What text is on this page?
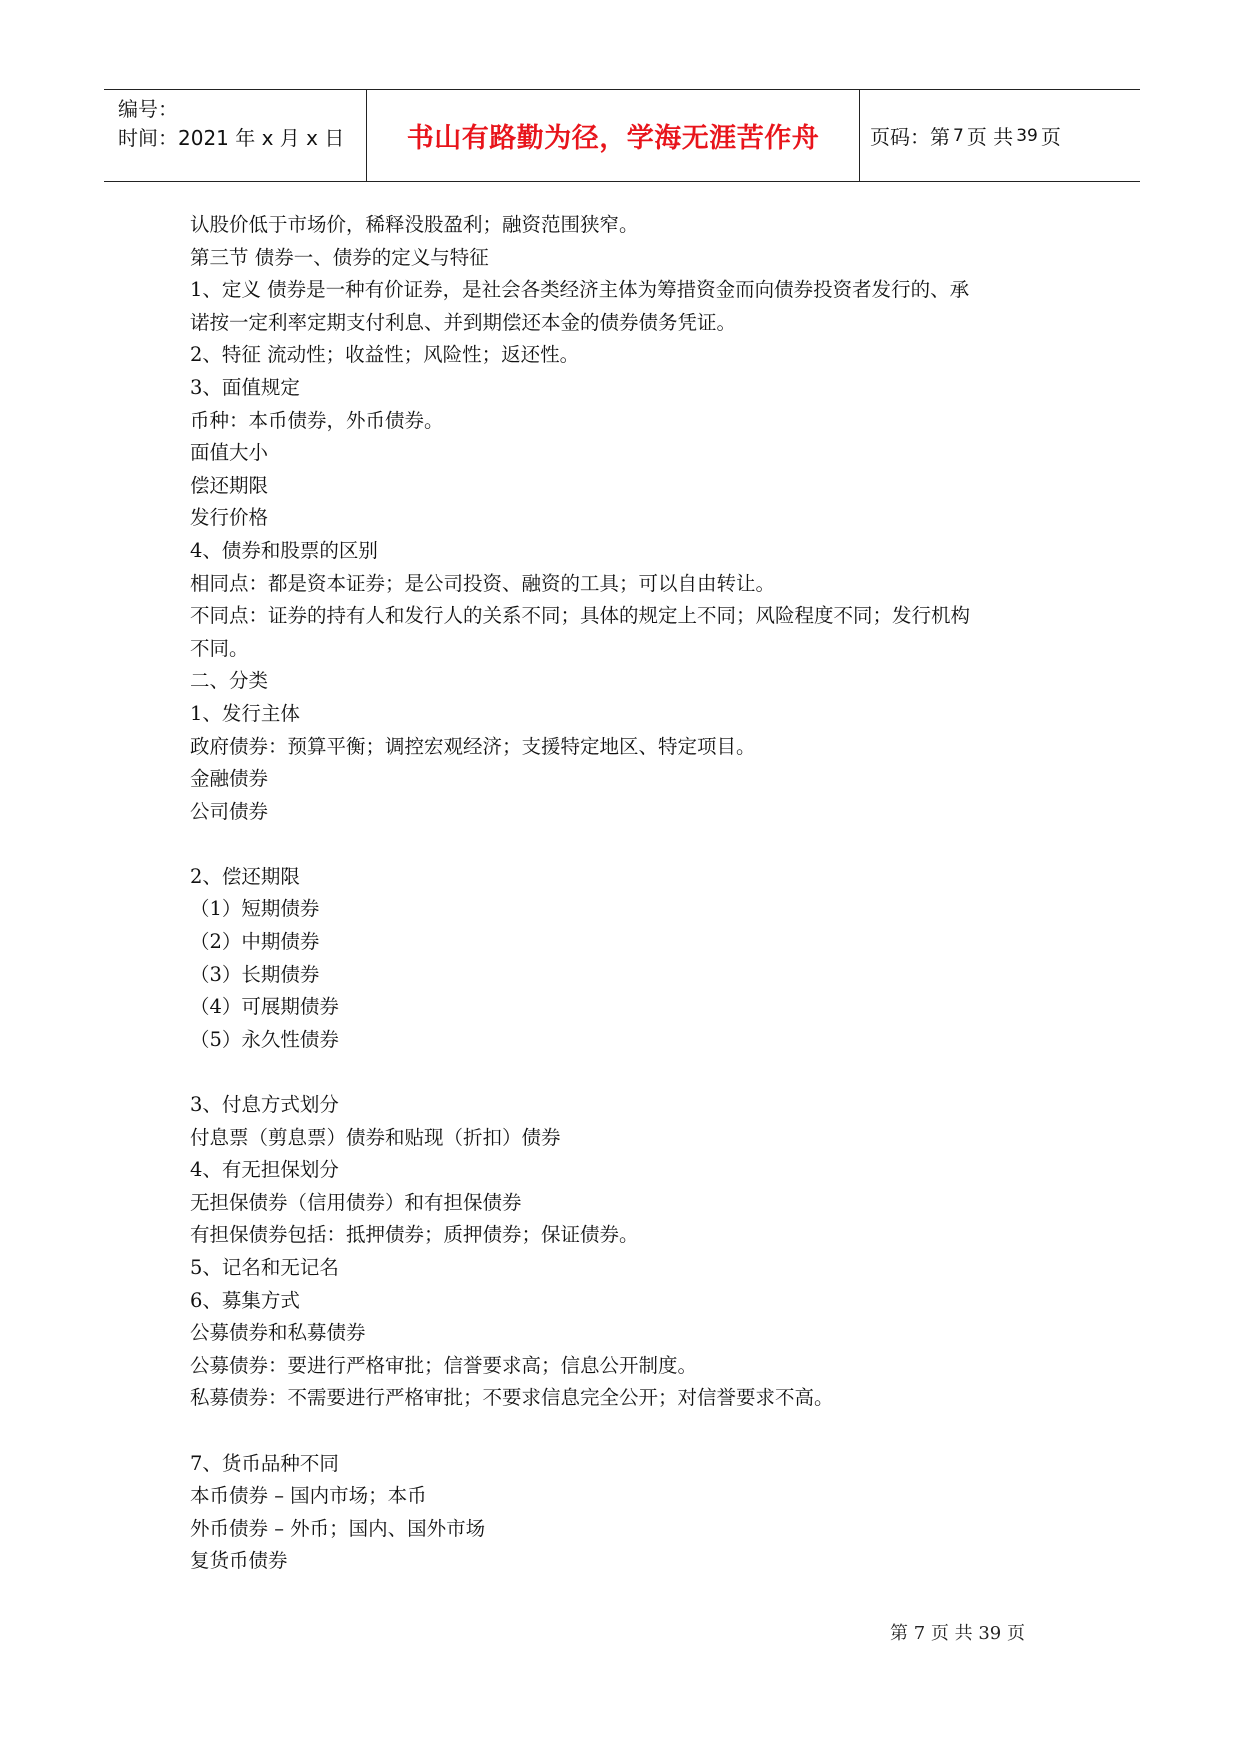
编号：
时间：2021 年 x 月 x 日	书山有路勤为径，学海无涯苦作舟	页码：第 7 页 共 39 页
认股价低于市场价，稀释没股盈利；融资范围狭窄。
第三节 债券一、债券的定义与特征
1、定义 债券是一种有价证券，是社会各类经济主体为筹措资金而向债券投资者发行的、承
诺按一定利率定期支付利息、并到期偿还本金的债券债务凭证。
2、特征 流动性；收益性；风险性；返还性。
3、面值规定
币种：本币债券，外币债券。
面值大小
偿还期限
发行价格
4、债券和股票的区别
相同点：都是资本证券；是公司投资、融资的工具；可以自由转让。
不同点：证券的持有人和发行人的关系不同；具体的规定上不同；风险程度不同；发行机构
不同。
二、分类
1、发行主体
政府债券：预算平衡；调控宏观经济；支援特定地区、特定项目。
金融债券
公司债券
2、偿还期限
（1）短期债券
（2）中期债券
（3）长期债券
（4）可展期债券
（5）永久性债券
3、付息方式划分
付息票（剪息票）债券和贴现（折扣）债券
4、有无担保划分
无担保债券（信用债券）和有担保债券
有担保债券包括：抵押债券；质押债券；保证债券。
5、记名和无记名
6、募集方式
公募债券和私募债券
公募债券：要进行严格审批；信誉要求高；信息公开制度。
私募债券：不需要进行严格审批；不要求信息完全公开；对信誉要求不高。
7、货币品种不同
本币债券 – 国内市场；本币
外币债券 – 外币；国内、国外市场
复货币债券
第 7 页 共 39 页
